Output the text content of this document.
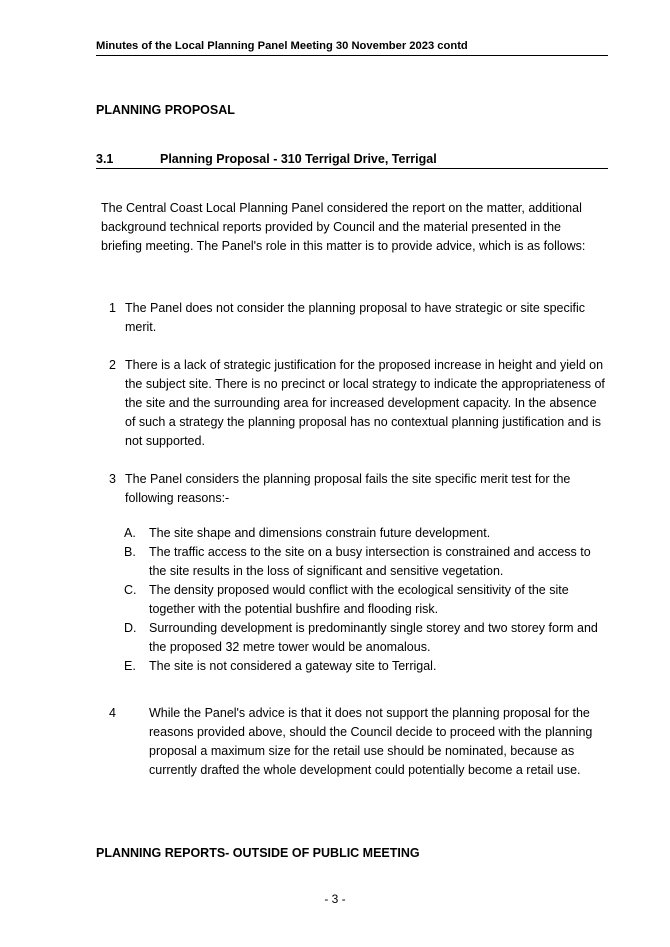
Minutes of the Local Planning Panel Meeting 30 November 2023 contd
PLANNING PROPOSAL
3.1	Planning Proposal - 310 Terrigal Drive, Terrigal
The Central Coast Local Planning Panel considered the report on the matter, additional background technical reports provided by Council and the material presented in the briefing meeting. The Panel's role in this matter is to provide advice, which is as follows:
1 The Panel does not consider the planning proposal to have strategic or site specific merit.
2 There is a lack of strategic justification for the proposed increase in height and yield on the subject site. There is no precinct or local strategy to indicate the appropriateness of the site and the surrounding area for increased development capacity. In the absence of such a strategy the planning proposal has no contextual planning justification and is not supported.
3 The Panel considers the planning proposal fails the site specific merit test for the following reasons:-
A. The site shape and dimensions constrain future development.
B. The traffic access to the site on a busy intersection is constrained and access to the site results in the loss of significant and sensitive vegetation.
C. The density proposed would conflict with the ecological sensitivity of the site together with the potential bushfire and flooding risk.
D. Surrounding development is predominantly single storey and two storey form and the proposed 32 metre tower would be anomalous.
E. The site is not considered a gateway site to Terrigal.
4	While the Panel's advice is that it does not support the planning proposal for the reasons provided above, should the Council decide to proceed with the planning proposal a maximum size for the retail use should be nominated, because as currently drafted the whole development could potentially become a retail use.
PLANNING REPORTS- OUTSIDE OF PUBLIC MEETING
- 3 -
